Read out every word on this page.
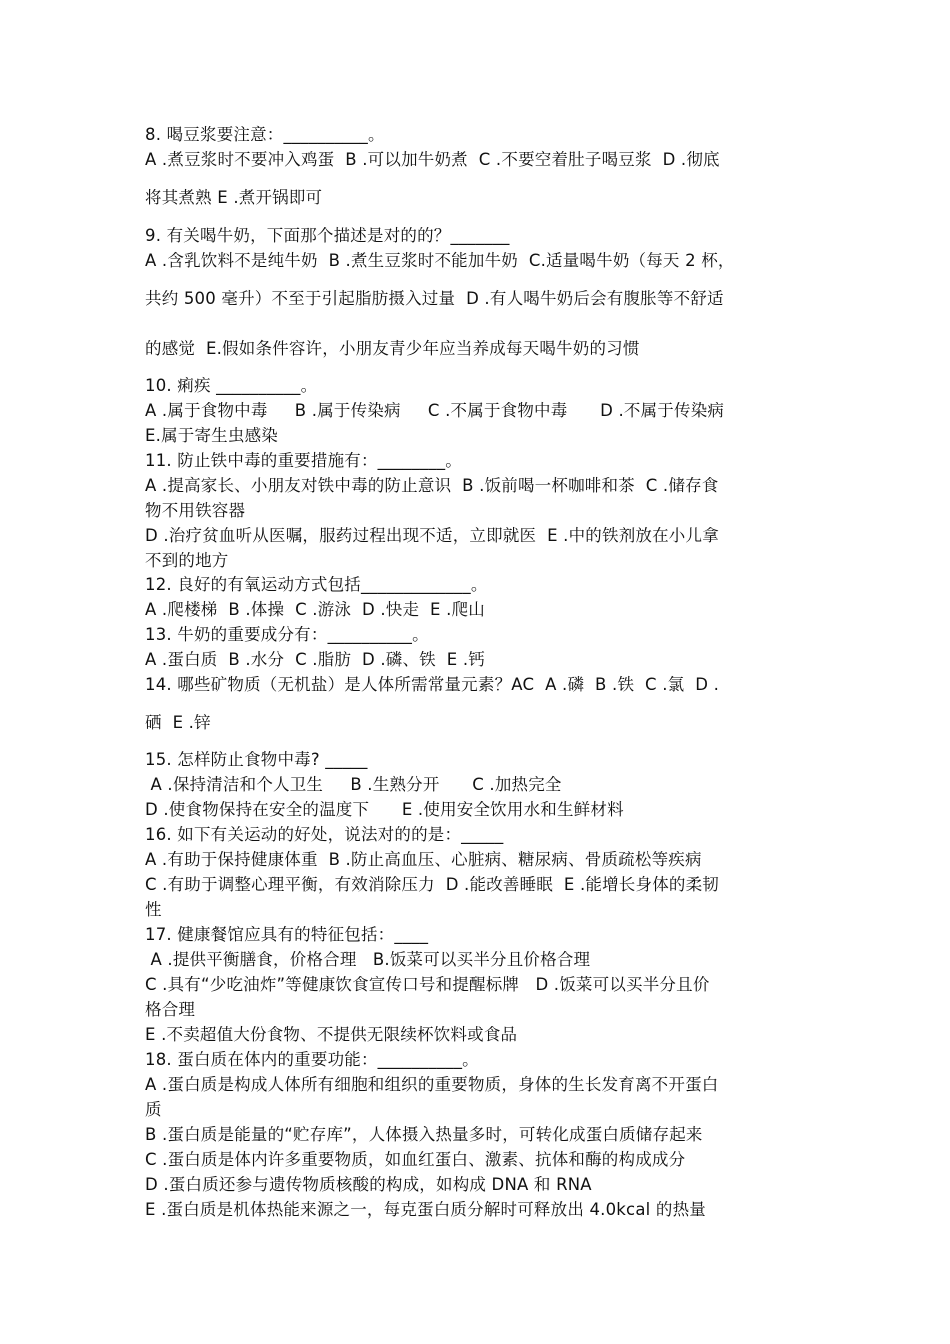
8. 喝豆浆要注意：__________。
A .煮豆浆时不要冲入鸡蛋  B .可以加牛奶煮  C .不要空着肚子喝豆浆  D .彻底
将其煮熟 E .煮开锅即可
9. 有关喝牛奶，下面那个描述是对的的？_______
A .含乳饮料不是纯牛奶  B .煮生豆浆时不能加牛奶  C.适量喝牛奶（每天 2 杯，
共约 500 毫升）不至于引起脂肪摄入过量  D .有人喝牛奶后会有腹胀等不舒适
的感觉  E.假如条件容许，小朋友青少年应当养成每天喝牛奶的习惯
10. 痢疾 __________。
A .属于食物中毒     B .属于传染病     C .不属于食物中毒      D .不属于传染病
E.属于寄生虫感染
11. 防止铁中毒的重要措施有：________。
A .提高家长、小朋友对铁中毒的防止意识  B .饭前喝一杯咖啡和茶  C .储存食
物不用铁容器
D .治疗贫血听从医嘱，服药过程出现不适，立即就医  E .中的铁剂放在小儿拿
不到的地方
12. 良好的有氧运动方式包括_____________。
A .爬楼梯  B .体操  C .游泳  D .快走  E .爬山
13. 牛奶的重要成分有：__________。
A .蛋白质  B .水分  C .脂肪  D .磷、铁  E .钙
14. 哪些矿物质（无机盐）是人体所需常量元素？AC  A .磷  B .铁  C .氯  D .
硒  E .锌
15. 怎样防止食物中毒? _____
A .保持清洁和个人卫生     B .生熟分开      C .加热完全
D .使食物保持在安全的温度下      E .使用安全饮用水和生鲜材料
16. 如下有关运动的好处，说法对的的是：_____
A .有助于保持健康体重  B .防止高血压、心脏病、糖尿病、骨质疏松等疾病
C .有助于调整心理平衡，有效消除压力  D .能改善睡眠  E .能增长身体的柔韧
性
17. 健康餐馆应具有的特征包括：____
A .提供平衡膳食，价格合理   B.饭菜可以买半分且价格合理
C .具有“少吃油炸”等健康饮食宣传口号和提醒标牌   D .饭菜可以买半分且价
格合理
E .不卖超值大份食物、不提供无限续杯饮料或食品
18. 蛋白质在体内的重要功能：__________。
A .蛋白质是构成人体所有细胞和组织的重要物质，身体的生长发育离不开蛋白
质
B .蛋白质是能量的“贮存库”，人体摄入热量多时，可转化成蛋白质储存起来
C .蛋白质是体内许多重要物质，如血红蛋白、激素、抗体和酶的构成成分
D .蛋白质还参与遗传物质核酸的构成，如构成 DNA 和 RNA
E .蛋白质是机体热能来源之一，每克蛋白质分解时可释放出 4.0kcal 的热量
